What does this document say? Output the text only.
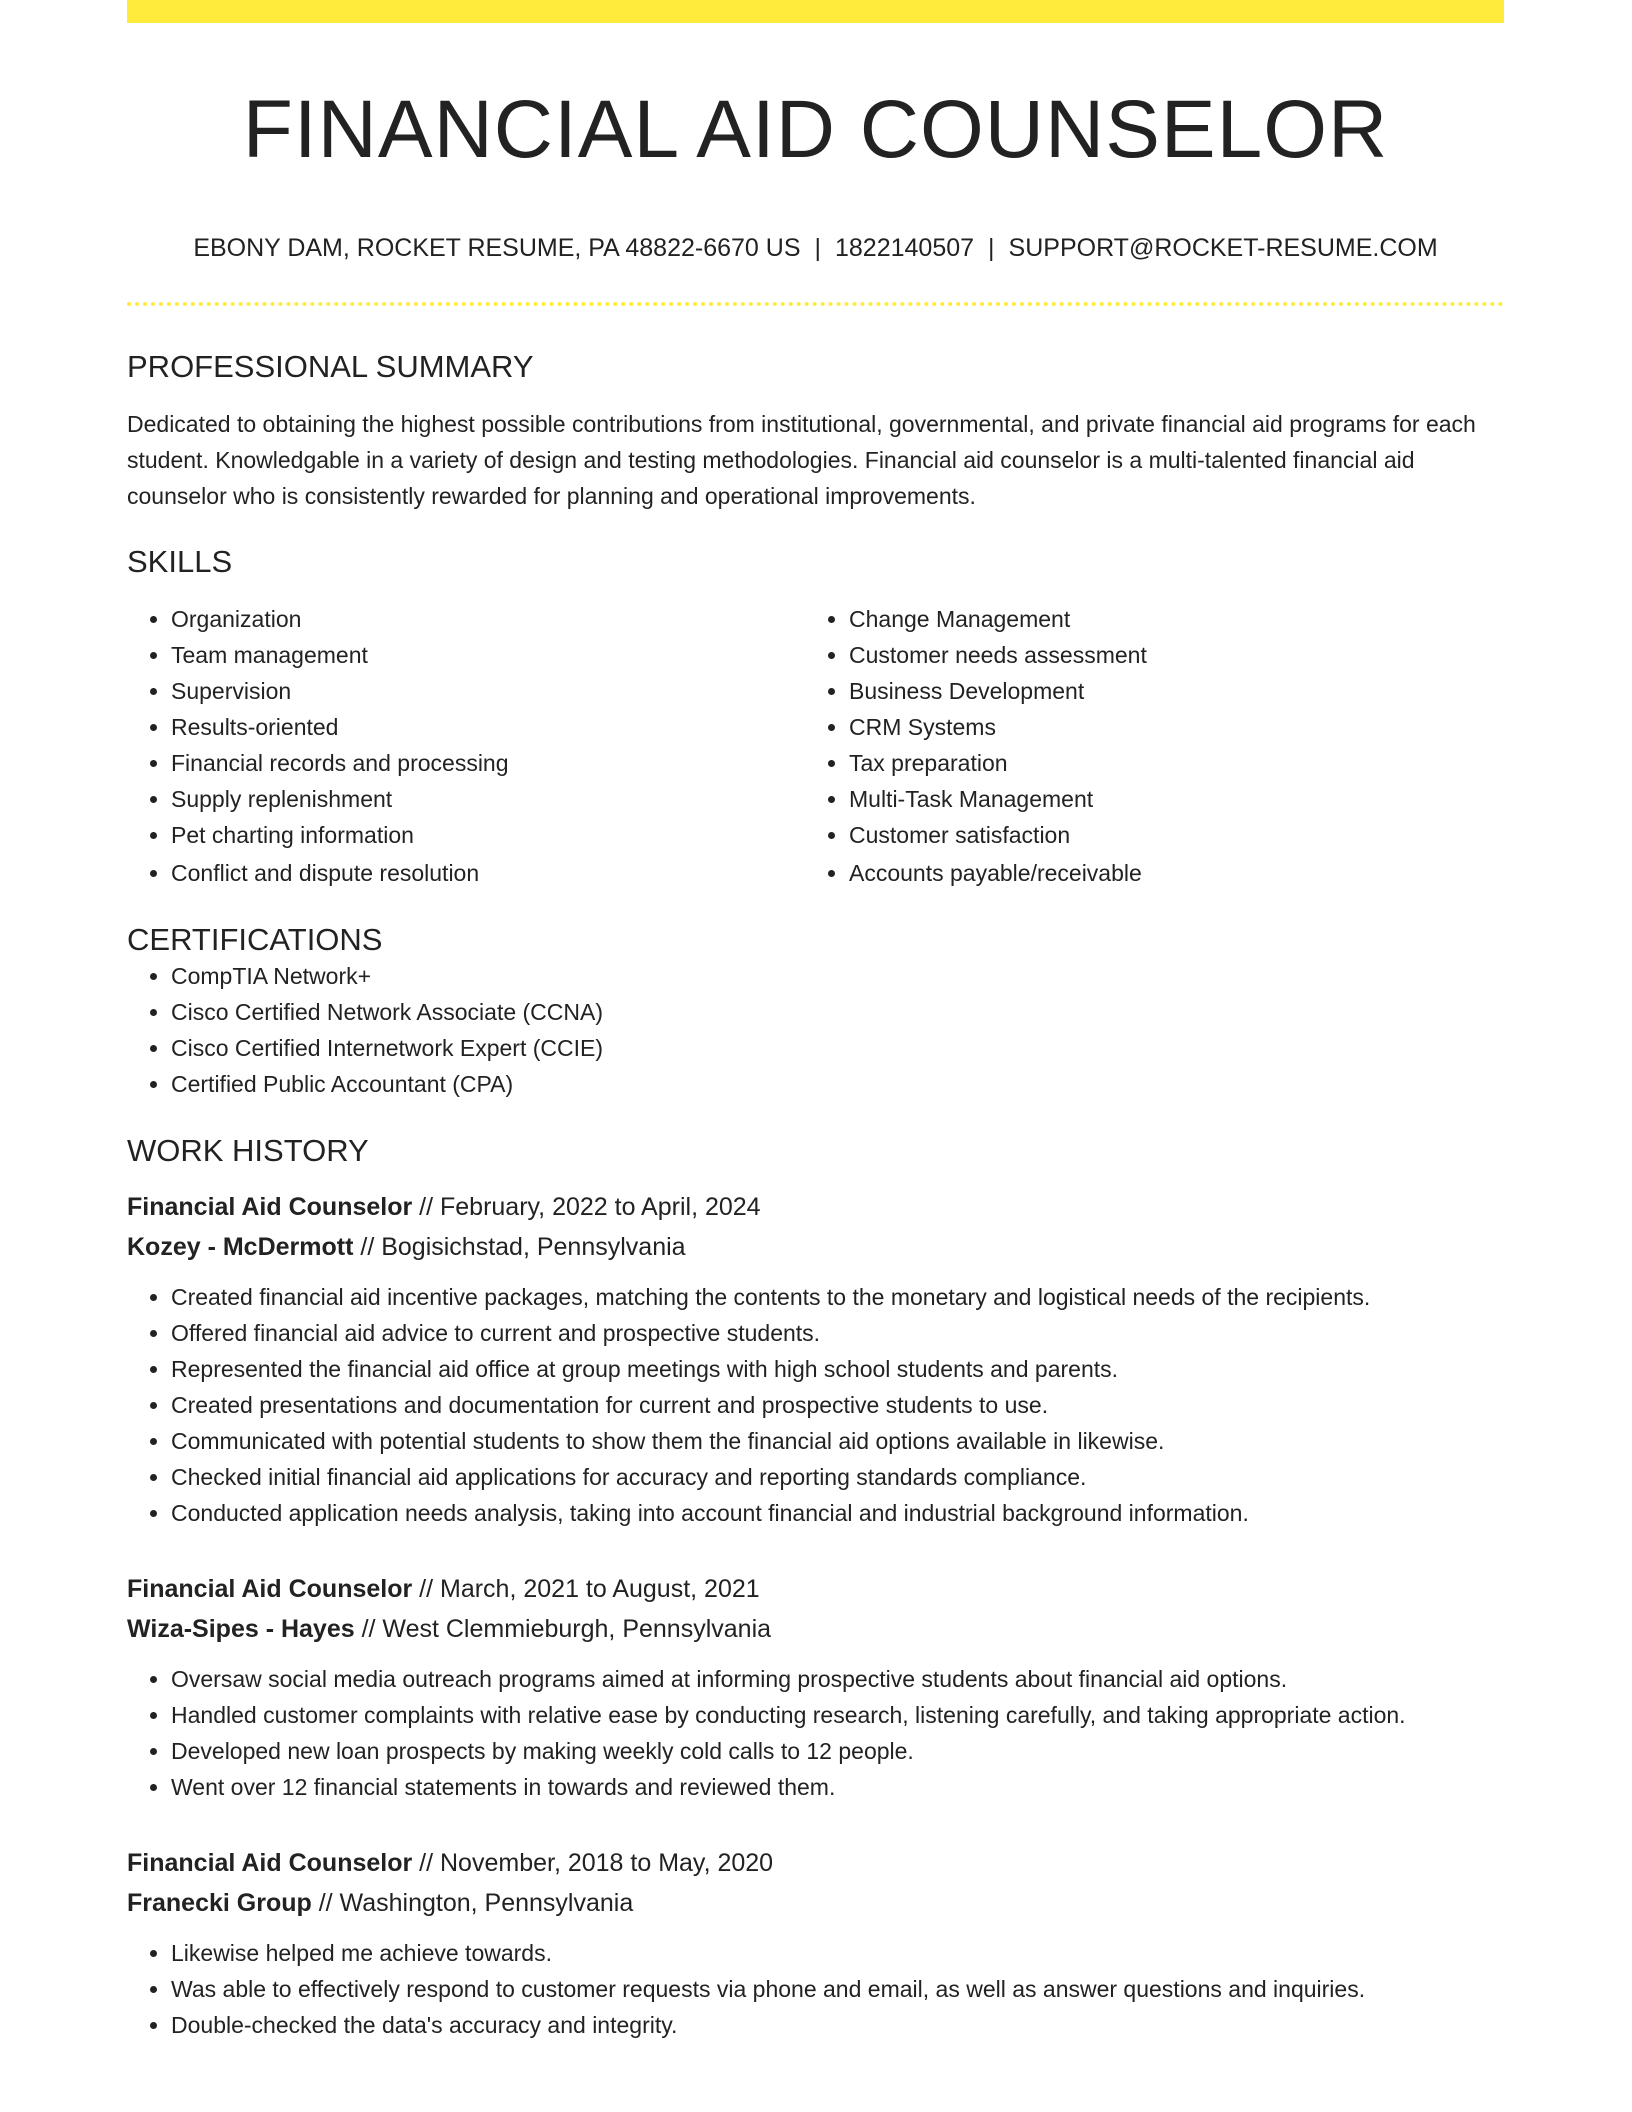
FINANCIAL AID COUNSELOR
EBONY DAM, ROCKET RESUME, PA 48822-6670 US | 1822140507 | SUPPORT@ROCKET-RESUME.COM
PROFESSIONAL SUMMARY
Dedicated to obtaining the highest possible contributions from institutional, governmental, and private financial aid programs for each student. Knowledgable in a variety of design and testing methodologies. Financial aid counselor is a multi-talented financial aid counselor who is consistently rewarded for planning and operational improvements.
SKILLS
• Organization
• Team management
• Supervision
• Results-oriented
• Financial records and processing
• Supply replenishment
• Pet charting information
• Conflict and dispute resolution
• Change Management
• Customer needs assessment
• Business Development
• CRM Systems
• Tax preparation
• Multi-Task Management
• Customer satisfaction
• Accounts payable/receivable
CERTIFICATIONS
• CompTIA Network+
• Cisco Certified Network Associate (CCNA)
• Cisco Certified Internetwork Expert (CCIE)
• Certified Public Accountant (CPA)
WORK HISTORY
Financial Aid Counselor // February, 2022 to April, 2024
Kozey - McDermott // Bogisichstad, Pennsylvania
• Created financial aid incentive packages, matching the contents to the monetary and logistical needs of the recipients.
• Offered financial aid advice to current and prospective students.
• Represented the financial aid office at group meetings with high school students and parents.
• Created presentations and documentation for current and prospective students to use.
• Communicated with potential students to show them the financial aid options available in likewise.
• Checked initial financial aid applications for accuracy and reporting standards compliance.
• Conducted application needs analysis, taking into account financial and industrial background information.
Financial Aid Counselor // March, 2021 to August, 2021
Wiza-Sipes - Hayes // West Clemmieburgh, Pennsylvania
• Oversaw social media outreach programs aimed at informing prospective students about financial aid options.
• Handled customer complaints with relative ease by conducting research, listening carefully, and taking appropriate action.
• Developed new loan prospects by making weekly cold calls to 12 people.
• Went over 12 financial statements in towards and reviewed them.
Financial Aid Counselor // November, 2018 to May, 2020
Franecki Group // Washington, Pennsylvania
• Likewise helped me achieve towards.
• Was able to effectively respond to customer requests via phone and email, as well as answer questions and inquiries.
• Double-checked the data's accuracy and integrity.
